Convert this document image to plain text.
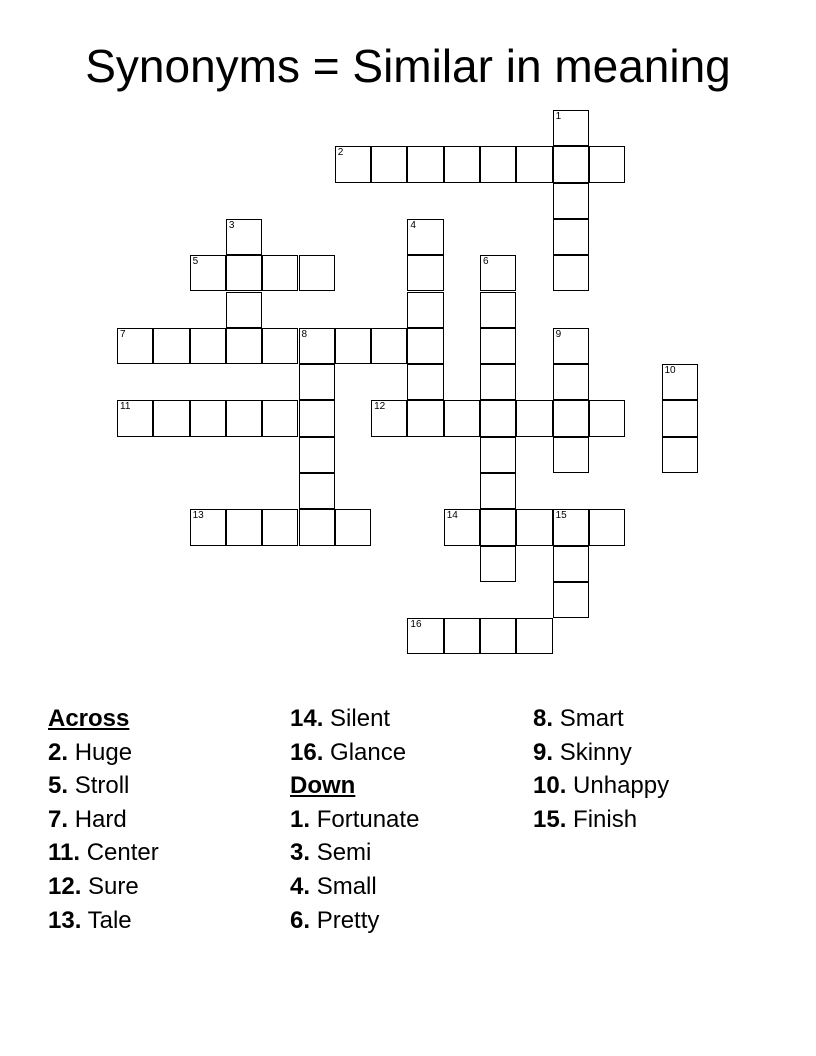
Synonyms = Similar in meaning
1
2
3	4
5	6
7	8	9
10
11	12
13	14	15
16
Across
2. Huge
5. Stroll
7. Hard
11. Center
12. Sure
13. Tale
14. Silent
16. Glance
Down
1. Fortunate
3. Semi
4. Small
6. Pretty
8. Smart
9. Skinny
10. Unhappy
15. Finish
